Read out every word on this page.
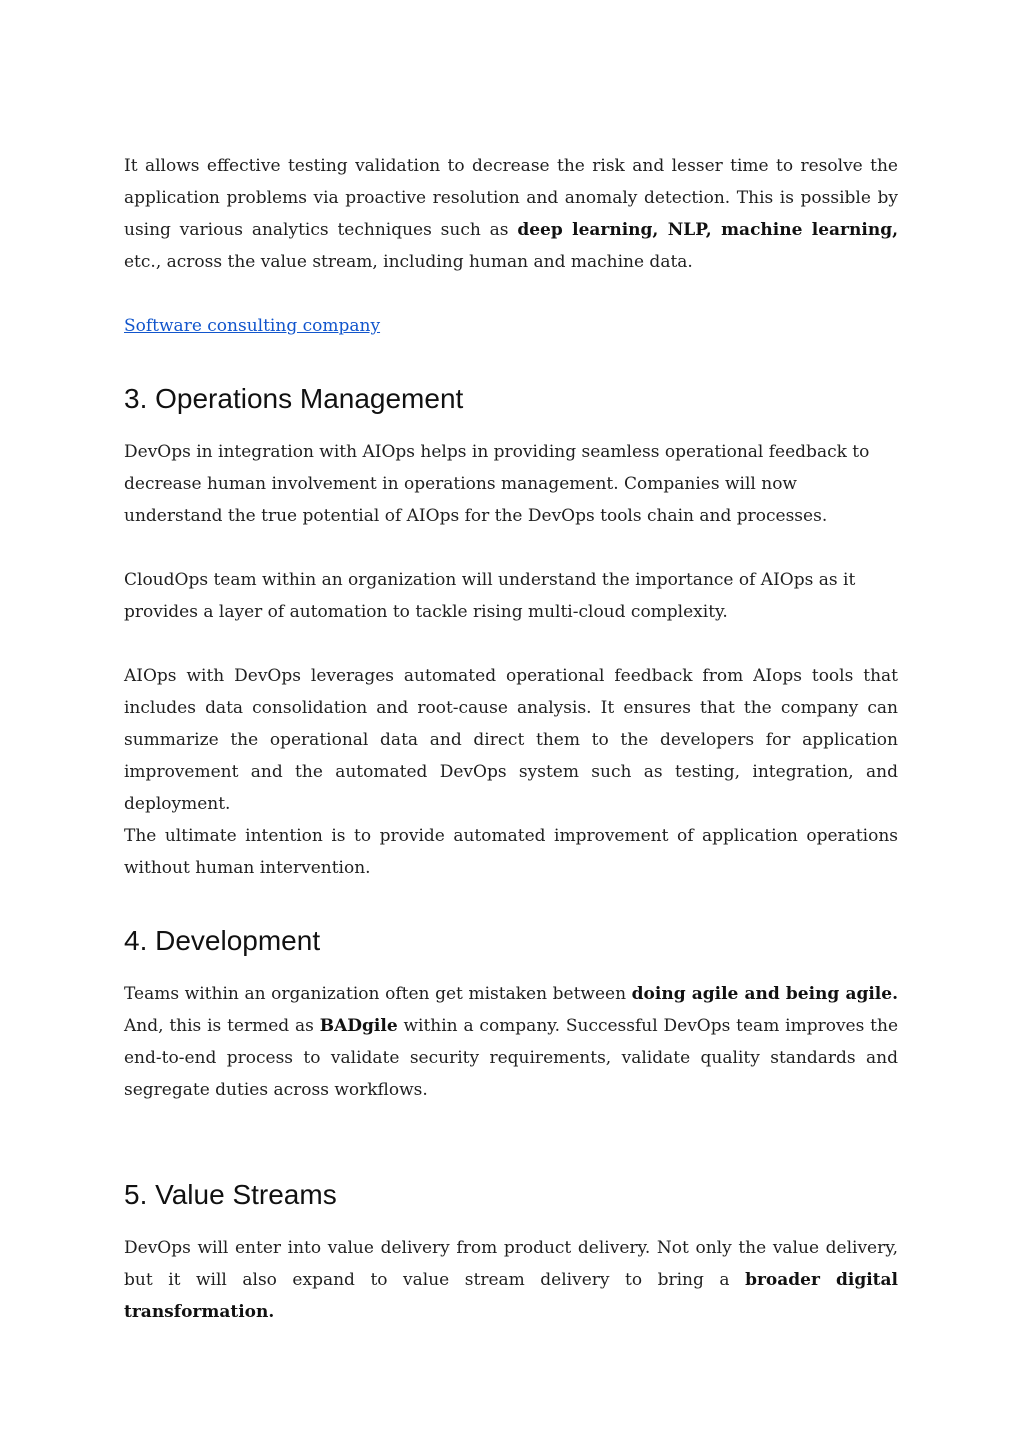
It allows effective testing validation to decrease the risk and lesser time to resolve the application problems via proactive resolution and anomaly detection. This is possible by using various analytics techniques such as deep learning, NLP, machine learning, etc., across the value stream, including human and machine data.

Software consulting company

3. Operations Management

DevOps in integration with AIOps helps in providing seamless operational feedback to decrease human involvement in operations management. Companies will now understand the true potential of AIOps for the DevOps tools chain and processes.

CloudOps team within an organization will understand the importance of AIOps as it provides a layer of automation to tackle rising multi-cloud complexity.

AIOps with DevOps leverages automated operational feedback from AIops tools that includes data consolidation and root-cause analysis. It ensures that the company can summarize the operational data and direct them to the developers for application improvement and the automated DevOps system such as testing, integration, and deployment.

The ultimate intention is to provide automated improvement of application operations without human intervention.

4. Development

Teams within an organization often get mistaken between doing agile and being agile. And, this is termed as BADgile within a company. Successful DevOps team improves the end-to-end process to validate security requirements, validate quality standards and segregate duties across workflows.

5. Value Streams

DevOps will enter into value delivery from product delivery. Not only the value delivery, but it will also expand to value stream delivery to bring a broader digital transformation.
